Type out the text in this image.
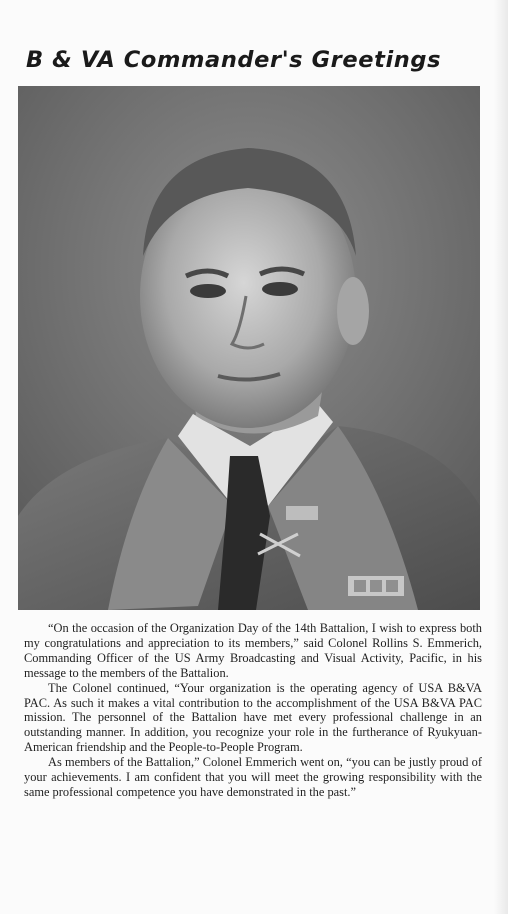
B & VA Commander's Greetings

“On the occasion of the Organization Day of the 14th Battalion, I wish to express both my congratulations and appreciation to its members,” said Colonel Rollins S. Emmerich, Commanding Officer of the US Army Broadcasting and Visual Activity, Pacific, in his message to the members of the Battalion.

The Colonel continued, “Your organization is the operating agency of USA B&VA PAC. As such it makes a vital contribution to the accomplishment of the USA B&VA PAC mission. The personnel of the Battalion have met every professional challenge in an outstanding manner. In addition, you recognize your role in the furtherance of Ryukyuan-American friendship and the People-to-People Program.

As members of the Battalion,” Colonel Emmerich went on, “you can be justly proud of your achievements. I am confident that you will meet the growing responsibility with the same professional competence you have demonstrated in the past.”
